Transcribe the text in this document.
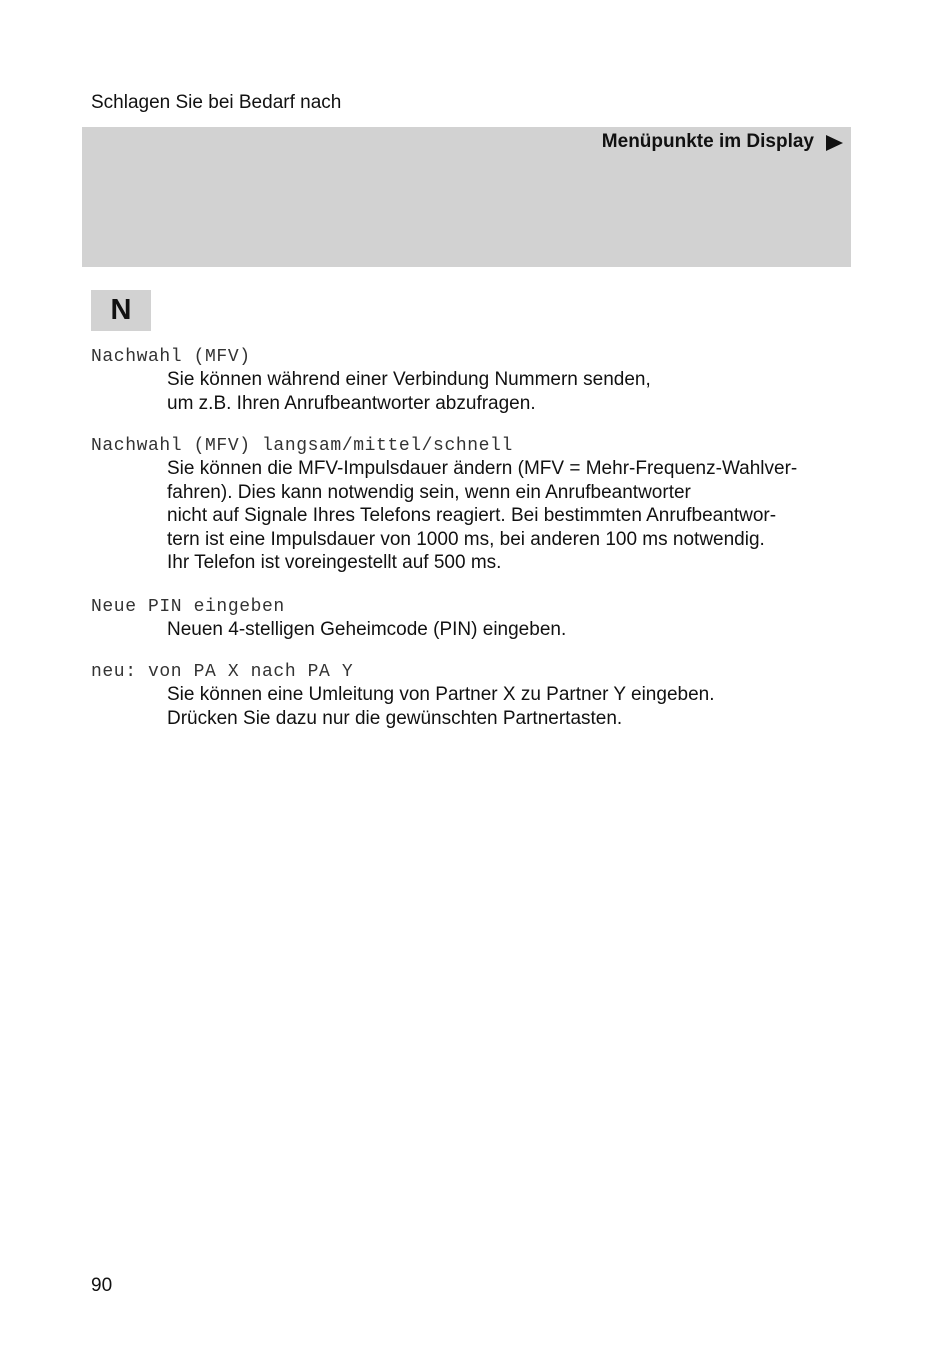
Schlagen Sie bei Bedarf nach
Menüpunkte im Display
N
Nachwahl (MFV)
Sie können während einer Verbindung Nummern senden,
um z.B. Ihren Anrufbeantworter abzufragen.
Nachwahl (MFV) langsam/mittel/schnell
Sie können die MFV-Impulsdauer ändern (MFV = Mehr-Frequenz-Wahlver-
fahren). Dies kann notwendig sein, wenn ein Anrufbeantworter
nicht auf Signale Ihres Telefons reagiert. Bei bestimmten Anrufbeantwor-
tern ist eine Impulsdauer von 1000 ms, bei anderen 100 ms notwendig.
Ihr Telefon ist voreingestellt auf 500 ms.
Neue PIN eingeben
Neuen 4-stelligen Geheimcode (PIN) eingeben.
neu: von PA X nach PA Y
Sie können eine Umleitung von Partner X zu Partner Y eingeben.
Drücken Sie dazu nur die gewünschten Partnertasten.
90
